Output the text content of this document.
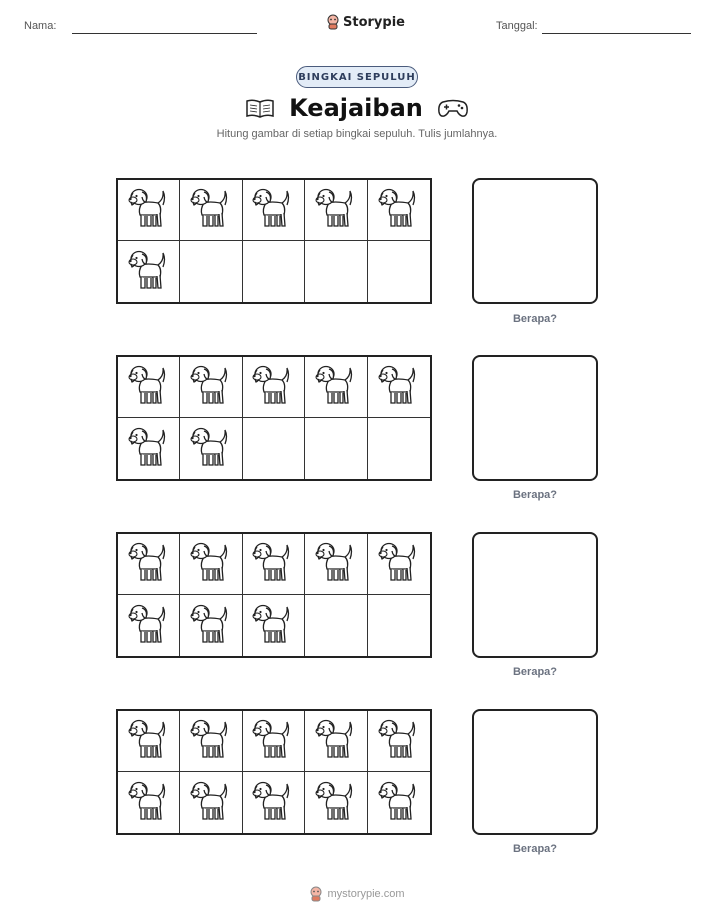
Nama:	Storypie	Tanggal:
BINGKAI SEPULUH
Keajaiban
Hitung gambar di setiap bingkai sepuluh. Tulis jumlahnya.
Berapa?
Berapa?
Berapa?
Berapa?
mystorypie.com
